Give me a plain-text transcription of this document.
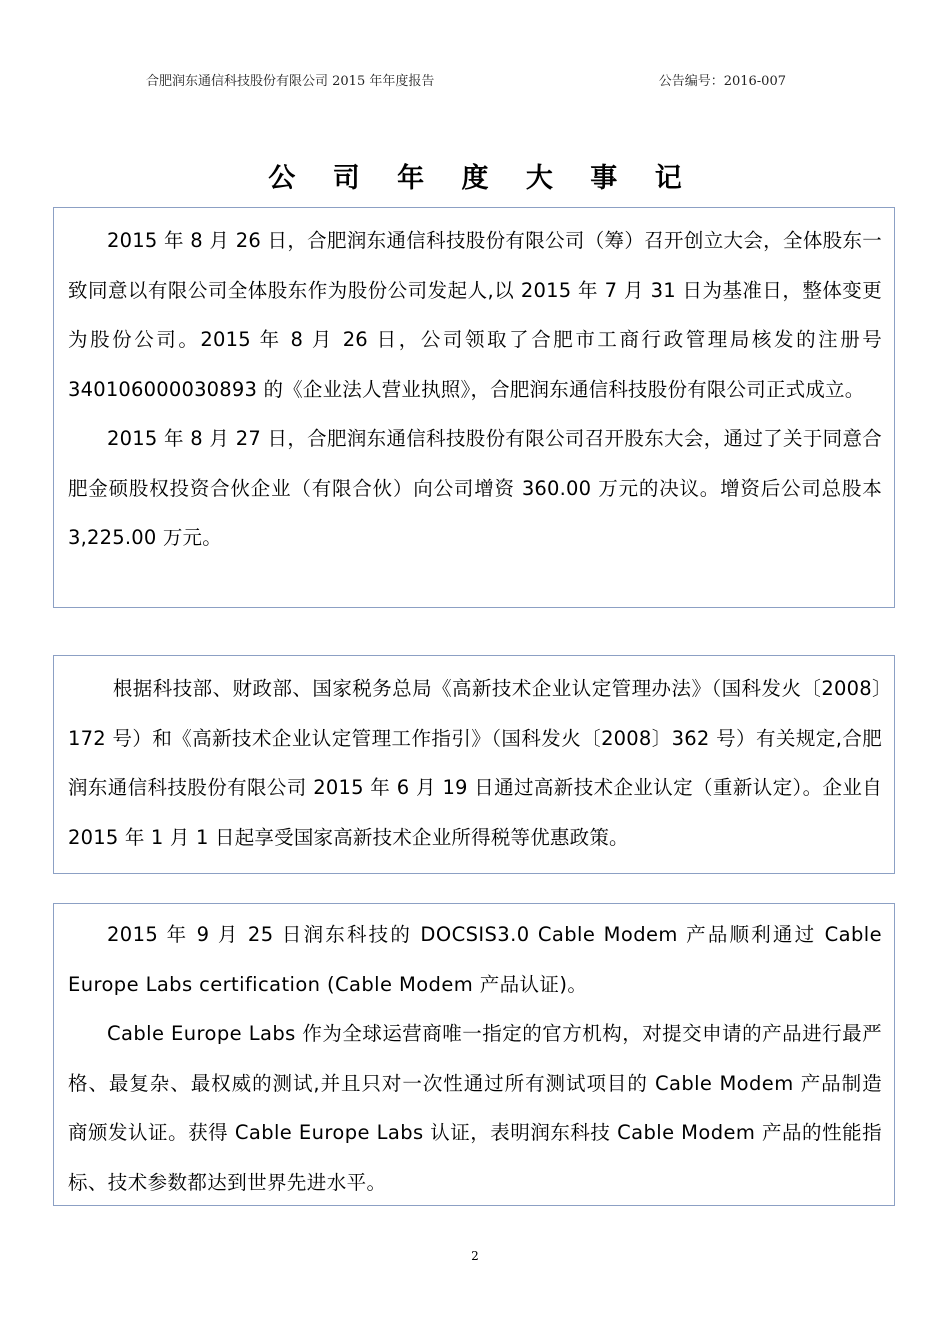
合肥润东通信科技股份有限公司 2015 年年度报告	公告编号：2016-007
公 司 年 度 大 事 记

2015 年 8 月 26 日，合肥润东通信科技股份有限公司（筹）召开创立大会，全体股东一致同意以有限公司全体股东作为股份公司发起人,以 2015 年 7 月 31 日为基准日，整体变更为股份公司。2015 年 8 月 26 日，公司领取了合肥市工商行政管理局核发的注册号 340106000030893 的《企业法人营业执照》，合肥润东通信科技股份有限公司正式成立。

2015 年 8 月 27 日，合肥润东通信科技股份有限公司召开股东大会，通过了关于同意合肥金硕股权投资合伙企业（有限合伙）向公司增资 360.00 万元的决议。增资后公司总股本 3,225.00 万元。

根据科技部、财政部、国家税务总局《高新技术企业认定管理办法》（国科发火〔2008〕172 号）和《高新技术企业认定管理工作指引》（国科发火〔2008〕362 号）有关规定,合肥润东通信科技股份有限公司 2015 年 6 月 19 日通过高新技术企业认定（重新认定）。企业自 2015 年 1 月 1 日起享受国家高新技术企业所得税等优惠政策。

2015 年 9 月 25 日润东科技的 DOCSIS3.0 Cable Modem 产品顺利通过 Cable Europe Labs certification (Cable Modem 产品认证)。

Cable Europe Labs 作为全球运营商唯一指定的官方机构，对提交申请的产品进行最严格、最复杂、最权威的测试,并且只对一次性通过所有测试项目的 Cable Modem 产品制造商颁发认证。获得 Cable Europe Labs 认证，表明润东科技 Cable Modem 产品的性能指标、技术参数都达到世界先进水平。

2
